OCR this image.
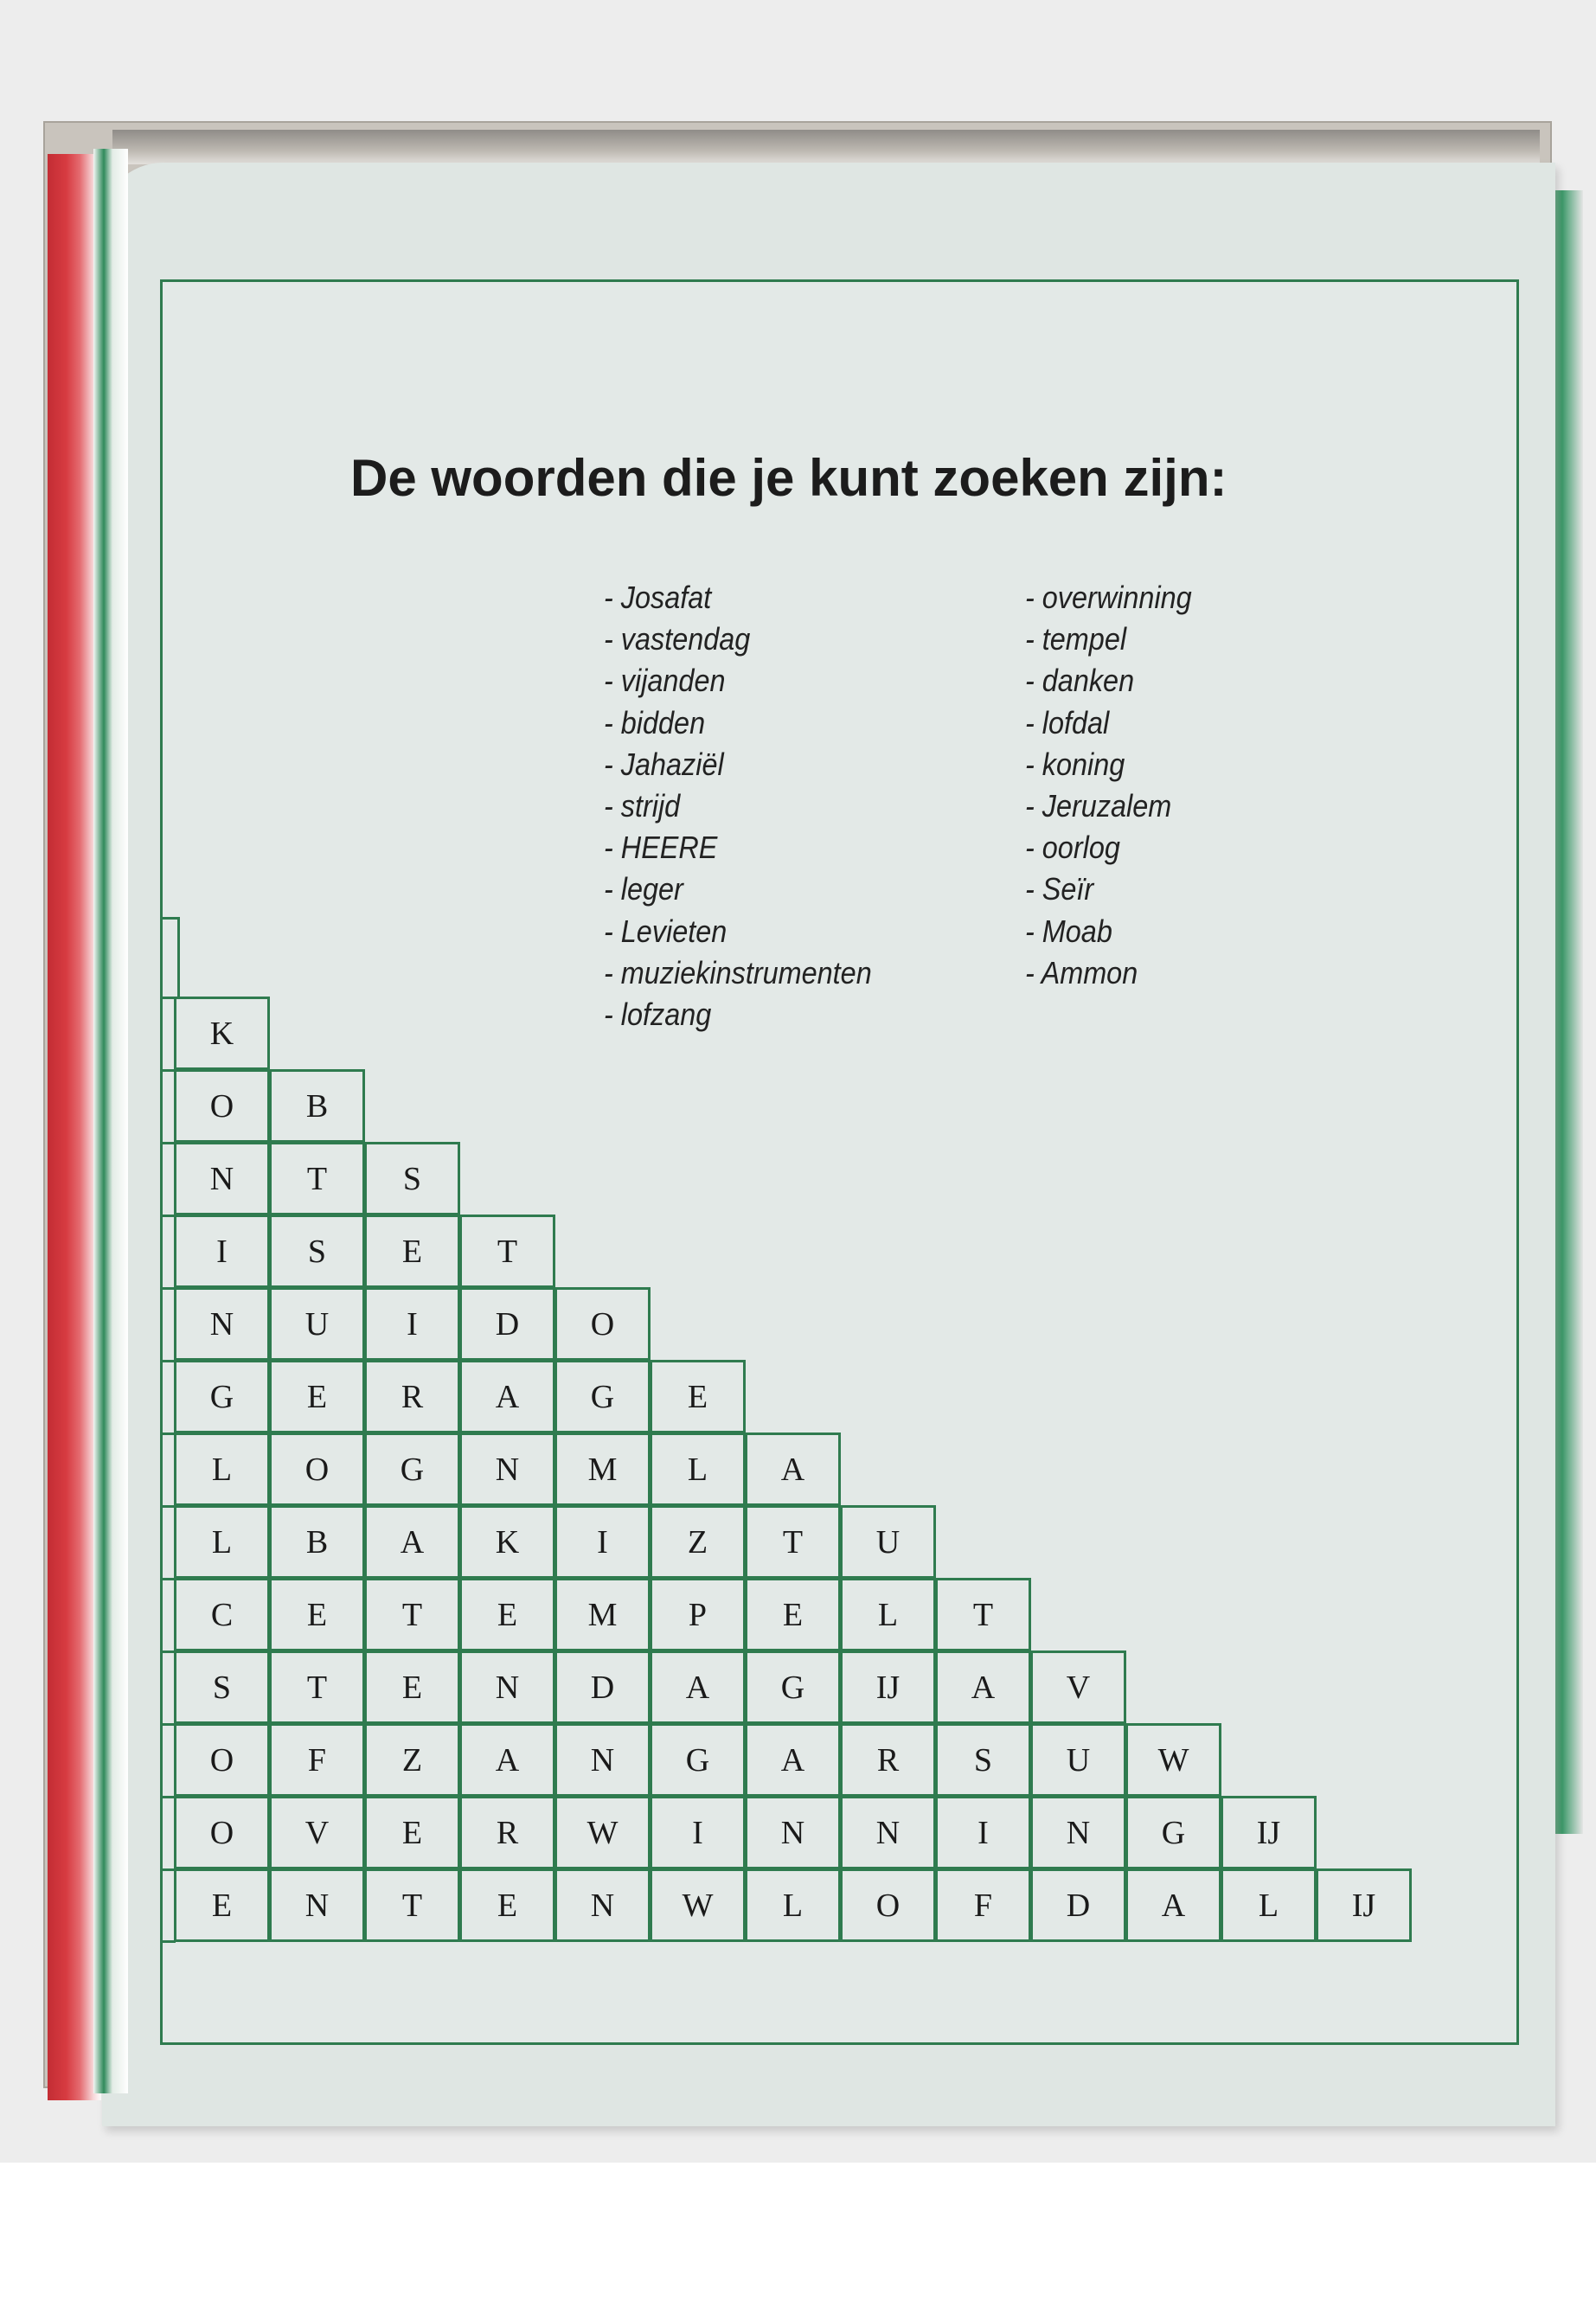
De woorden die je kunt zoeken zijn:
- Josafat
- vastendag
- vijanden
- bidden
- Jahaziël
- strijd
- HEERE
- leger
- Levieten
- muziekinstrumenten
- lofzang
- overwinning
- tempel
- danken
- lofdal
- koning
- Jeruzalem
- oorlog
- Seïr
- Moab
- Ammon
K
O	B
N	T	S
I	S	E	T
N	U	I	D	O
G	E	R	A	G	E
L	O	G	N	M	L	A
L	B	A	K	I	Z	T	U
C	E	T	E	M	P	E	L	T
S	T	E	N	D	A	G	IJ	A	V
O	F	Z	A	N	G	A	R	S	U	W
O	V	E	R	W	I	N	N	I	N	G	IJ
E	N	T	E	N	W	L	O	F	D	A	L	IJ
